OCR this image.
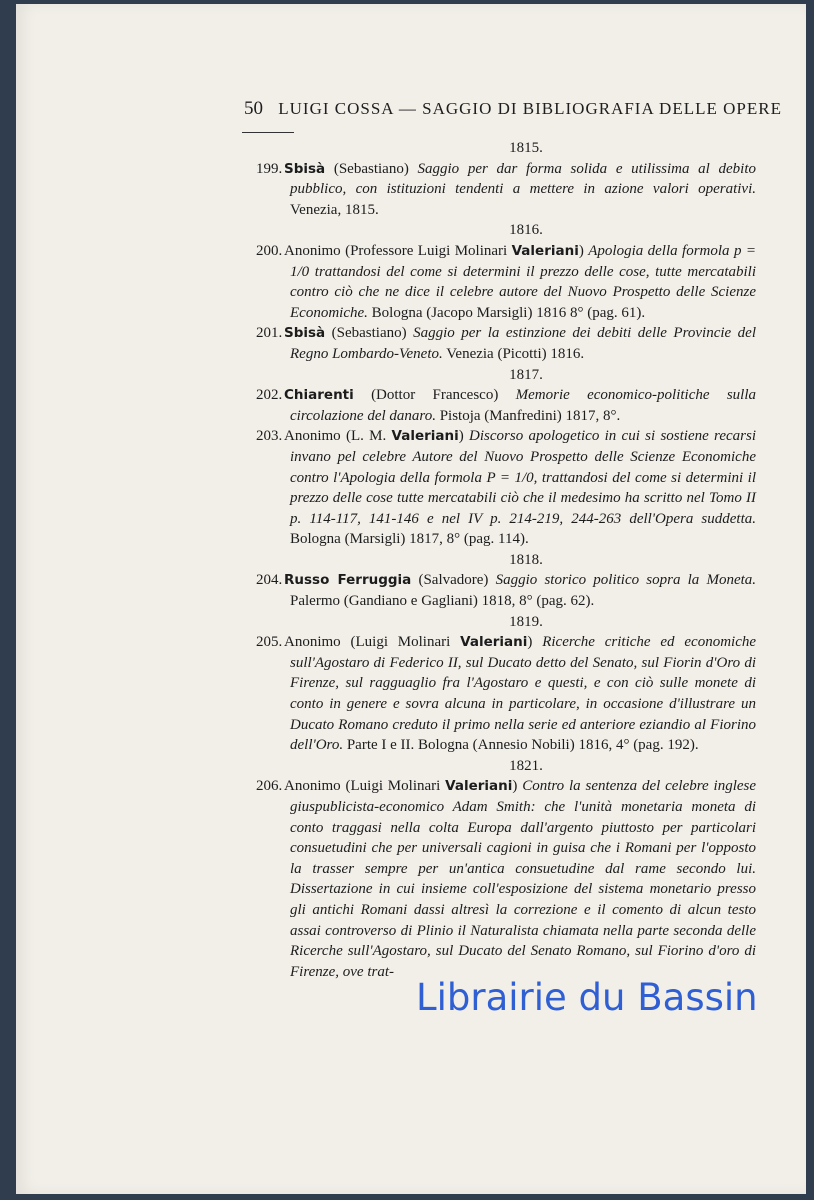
50 LUIGI COSSA — SAGGIO DI BIBLIOGRAFIA DELLE OPERE

1815.

199. Sbisà (Sebastiano) Saggio per dar forma solida e utilissima al debito pubblico, con istituzioni tendenti a mettere in azione valori operativi. Venezia, 1815.

1816.

200. Anonimo (Professore Luigi Molinari Valeriani) Apologia della formola p = 1/0 trattandosi del come si determini il prezzo delle cose, tutte mercatabili contro ciò che ne dice il celebre autore del Nuovo Prospetto delle Scienze Economiche. Bologna (Jacopo Marsigli) 1816 8° (pag. 61).

201. Sbisà (Sebastiano) Saggio per la estinzione dei debiti delle Provincie del Regno Lombardo-Veneto. Venezia (Picotti) 1816.

1817.

202. Chiarenti (Dottor Francesco) Memorie economico-politiche sulla circolazione del danaro. Pistoja (Manfredini) 1817, 8°.

203. Anonimo (L. M. Valeriani) Discorso apologetico in cui si sostiene recarsi invano pel celebre Autore del Nuovo Prospetto delle Scienze Economiche contro l'Apologia della formola P = 1/0, trattandosi del come si determini il prezzo delle cose tutte mercatabili ciò che il medesimo ha scritto nel Tomo II p. 114-117, 141-146 e nel IV p. 214-219, 244-263 dell'Opera suddetta. Bologna (Marsigli) 1817, 8° (pag. 114).

1818.

204. Russo Ferruggia (Salvadore) Saggio storico politico sopra la Moneta. Palermo (Gandiano e Gagliani) 1818, 8° (pag. 62).

1819.

205. Anonimo (Luigi Molinari Valeriani) Ricerche critiche ed economiche sull'Agostaro di Federico II, sul Ducato detto del Senato, sul Fiorin d'Oro di Firenze, sul ragguaglio fra l'Agostaro e questi, e con ciò sulle monete di conto in genere e sovra alcuna in particolare, in occasione d'illustrare un Ducato Romano creduto il primo nella serie ed anteriore eziandio al Fiorino dell'Oro. Parte I e II. Bologna (Annesio Nobili) 1816, 4° (pag. 192).

1821.

206. Anonimo (Luigi Molinari Valeriani) Contro la sentenza del celebre inglese giuspublicista-economico Adam Smith: che l'unità monetaria moneta di conto traggasi nella colta Europa dall'argento piuttosto per particolari consuetudini che per universali cagioni in guisa che i Romani per l'opposto la trasser sempre per un'antica consuetudine dal rame secondo lui. Dissertazione in cui insieme coll'esposizione del sistema monetario presso gli antichi Romani dassi altresì la correzione e il comento di alcun testo assai controverso di Plinio il Naturalista chiamata nella parte seconda delle Ricerche sull'Agostaro, sul Ducato del Senato Romano, sul Fiorino d'oro di Firenze, ove trat-

Librairie du Bassin
